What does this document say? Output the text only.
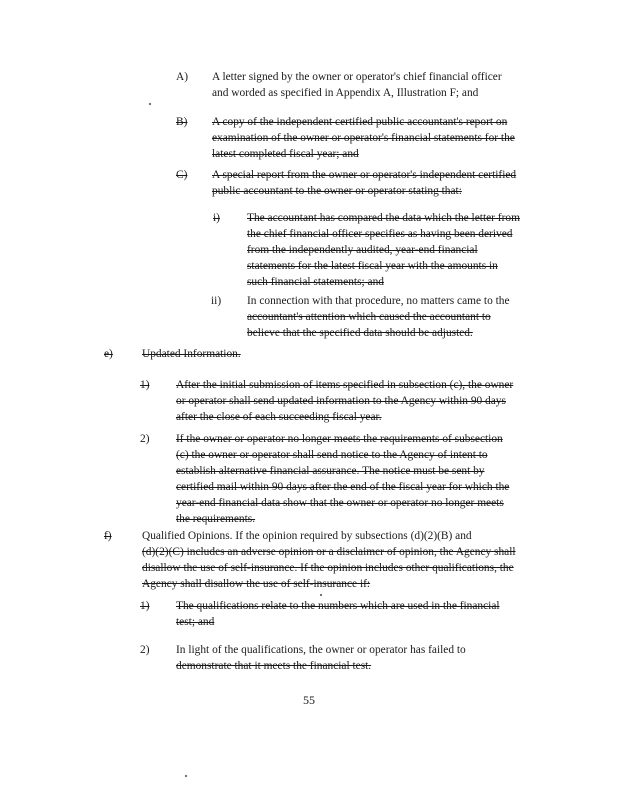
A) A letter signed by the owner or operator's chief financial officer
and worded as specified in Appendix A, Illustration F; and
B) A copy of the independent certified public accountant's report on
examination of the owner or operator's financial statements for the
latest completed fiscal year; and
C) A special report from the owner or operator's independent certified
public accountant to the owner or operator stating that:
i) The accountant has compared the data which the letter from
the chief financial officer specifies as having been derived
from the independently audited, year-end financial
statements for the latest fiscal year with the amounts in
such financial statements; and
ii) In connection with that procedure, no matters came to the
accountant's attention which caused the accountant to
believe that the specified data should be adjusted.
e)	Updated Information.
1) After the initial submission of items specified in subsection (c), the owner
or operator shall send updated information to the Agency within 90 days
after the close of each succeeding fiscal year.
2) If the owner or operator no longer meets the requirements of subsection
(c) the owner or operator shall send notice to the Agency of intent to
establish alternative financial assurance. The notice must be sent by
certified mail within 90 days after the end of the fiscal year for which the
year-end financial data show that the owner or operator no longer meets
the requirements.
f)	Qualified Opinions. If the opinion required by subsections (d)(2)(B) and
(d)(2)(C) includes an adverse opinion or a disclaimer of opinion, the Agency shall
disallow the use of self-insurance. If the opinion includes other qualifications, the
Agency shall disallow the use of self-insurance if:
1) The qualifications relate to the numbers which are used in the financial
test; and
2) In light of the qualifications, the owner or operator has failed to
demonstrate that it meets the financial test.
55
